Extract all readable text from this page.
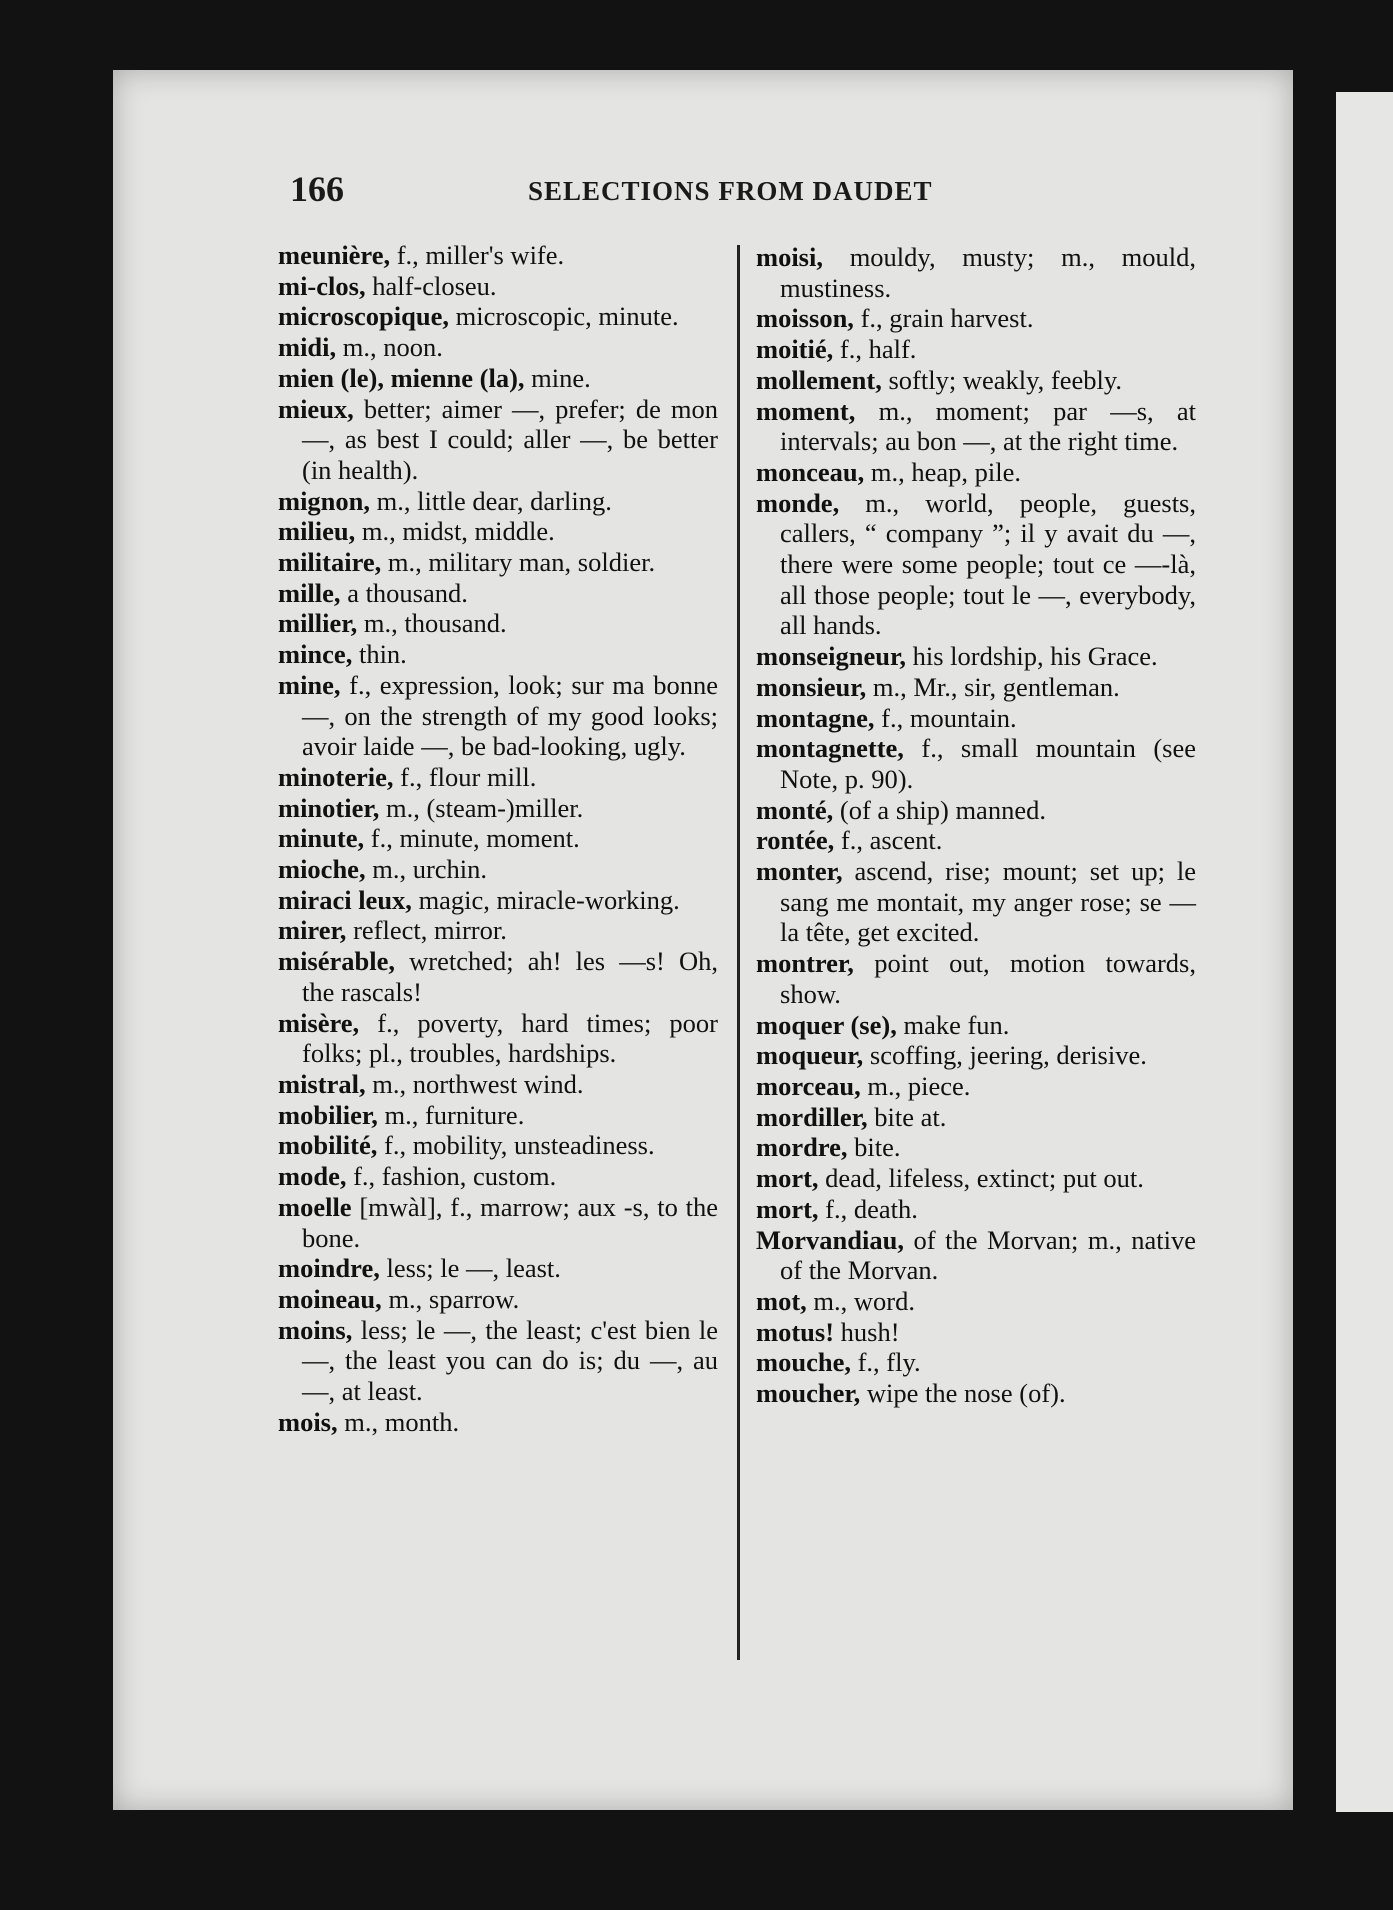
166	SELECTIONS FROM DAUDET
meunière, f., miller's wife.
mi-clos, half-closeu.
microscopique, microscopic, minute.
midi, m., noon.
mien (le), mienne (la), mine.
mieux, better; aimer —, prefer; de mon —, as best I could; aller —, be better (in health).
mignon, m., little dear, darling.
milieu, m., midst, middle.
militaire, m., military man, soldier.
mille, a thousand.
millier, m., thousand.
mince, thin.
mine, f., expression, look; sur ma bonne —, on the strength of my good looks; avoir laide —, be bad-looking, ugly.
minoterie, f., flour mill.
minotier, m., (steam-)miller.
minute, f., minute, moment.
mioche, m., urchin.
miraci leux, magic, miracle-working.
mirer, reflect, mirror.
misérable, wretched; ah! les —s! Oh, the rascals!
misère, f., poverty, hard times; poor folks; pl., troubles, hardships.
mistral, m., northwest wind.
mobilier, m., furniture.
mobilité, f., mobility, unsteadiness.
mode, f., fashion, custom.
moelle [mwàl], f., marrow; aux -s, to the bone.
moindre, less; le —, least.
moineau, m., sparrow.
moins, less; le —, the least; c'est bien le —, the least you can do is; du —, au —, at least.
mois, m., month.
moisi, mouldy, musty; m., mould, mustiness.
moisson, f., grain harvest.
moitié, f., half.
mollement, softly; weakly, feebly.
moment, m., moment; par —s, at intervals; au bon —, at the right time.
monceau, m., heap, pile.
monde, m., world, people, guests, callers, “ company ”; il y avait du —, there were some people; tout ce —-là, all those people; tout le —, everybody, all hands.
monseigneur, his lordship, his Grace.
monsieur, m., Mr., sir, gentleman.
montagne, f., mountain.
montagnette, f., small mountain (see Note, p. 90).
monté, (of a ship) manned.
rontée, f., ascent.
monter, ascend, rise; mount; set up; le sang me montait, my anger rose; se — la tête, get excited.
montrer, point out, motion towards, show.
moquer (se), make fun.
moqueur, scoffing, jeering, derisive.
morceau, m., piece.
mordiller, bite at.
mordre, bite.
mort, dead, lifeless, extinct; put out.
mort, f., death.
Morvandiau, of the Morvan; m., native of the Morvan.
mot, m., word.
motus! hush!
mouche, f., fly.
moucher, wipe the nose (of).
